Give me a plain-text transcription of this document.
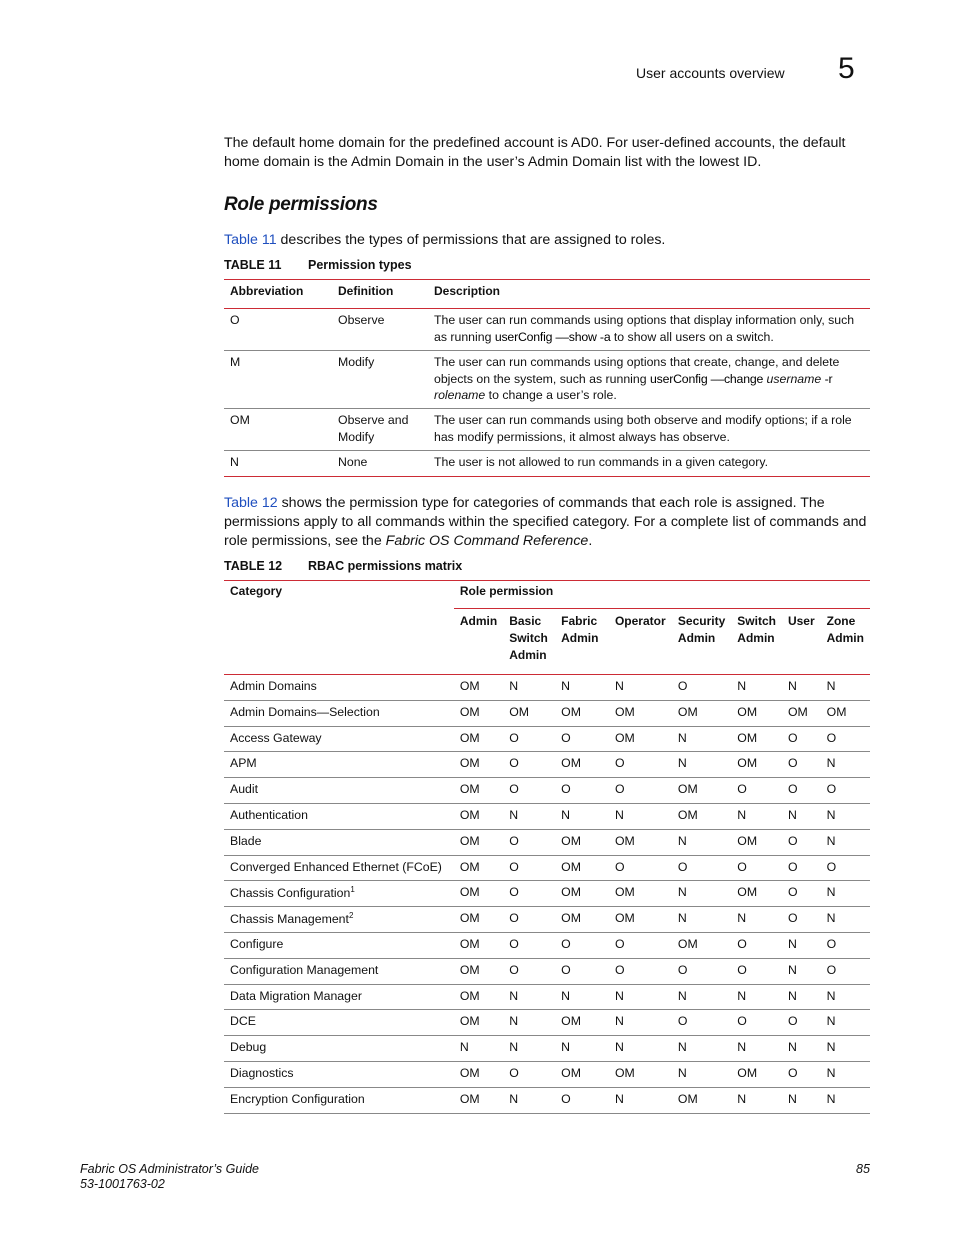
User accounts overview 5
The default home domain for the predefined account is AD0. For user-defined accounts, the default home domain is the Admin Domain in the user’s Admin Domain list with the lowest ID.
Role permissions
Table 11 describes the types of permissions that are assigned to roles.
TABLE 11 Permission types
Abbreviation	Definition	Description
O	Observe	The user can run commands using options that display information only, such as running userConfig ––show -a to show all users on a switch.
M	Modify	The user can run commands using options that create, change, and delete objects on the system, such as running userConfig ––change username -r rolename to change a user’s role.
OM	Observe and Modify	The user can run commands using both observe and modify options; if a role has modify permissions, it almost always has observe.
N	None	The user is not allowed to run commands in a given category.
Table 12 shows the permission type for categories of commands that each role is assigned. The permissions apply to all commands within the specified category. For a complete list of commands and role permissions, see the Fabric OS Command Reference.
TABLE 12 RBAC permissions matrix
Category	Role permission							
	Admin	Basic Switch Admin	Fabric Admin	Operator	Security Admin	Switch Admin	User	Zone Admin
Admin Domains	OM	N	N	N	O	N	N	N
Admin Domains—Selection	OM	OM	OM	OM	OM	OM	OM	OM
Access Gateway	OM	O	O	OM	N	OM	O	O
APM	OM	O	OM	O	N	OM	O	N
Audit	OM	O	O	O	OM	O	O	O
Authentication	OM	N	N	N	OM	N	N	N
Blade	OM	O	OM	OM	N	OM	O	N
Converged Enhanced Ethernet (FCoE)	OM	O	OM	O	O	O	O	O
Chassis Configuration$^1$	OM	O	OM	OM	N	OM	O	N
Chassis Management$^2$	OM	O	OM	OM	N	N	O	N
Configure	OM	O	O	O	OM	O	N	O
Configuration Management	OM	O	O	O	O	O	N	O
Data Migration Manager	OM	N	N	N	N	N	N	N
DCE	OM	N	OM	N	O	O	O	N
Debug	N	N	N	N	N	N	N	N
Diagnostics	OM	O	OM	OM	N	OM	O	N
Encryption Configuration	OM	N	O	N	OM	N	N	N
Fabric OS Administrator’s Guide
53-1001763-02
85
